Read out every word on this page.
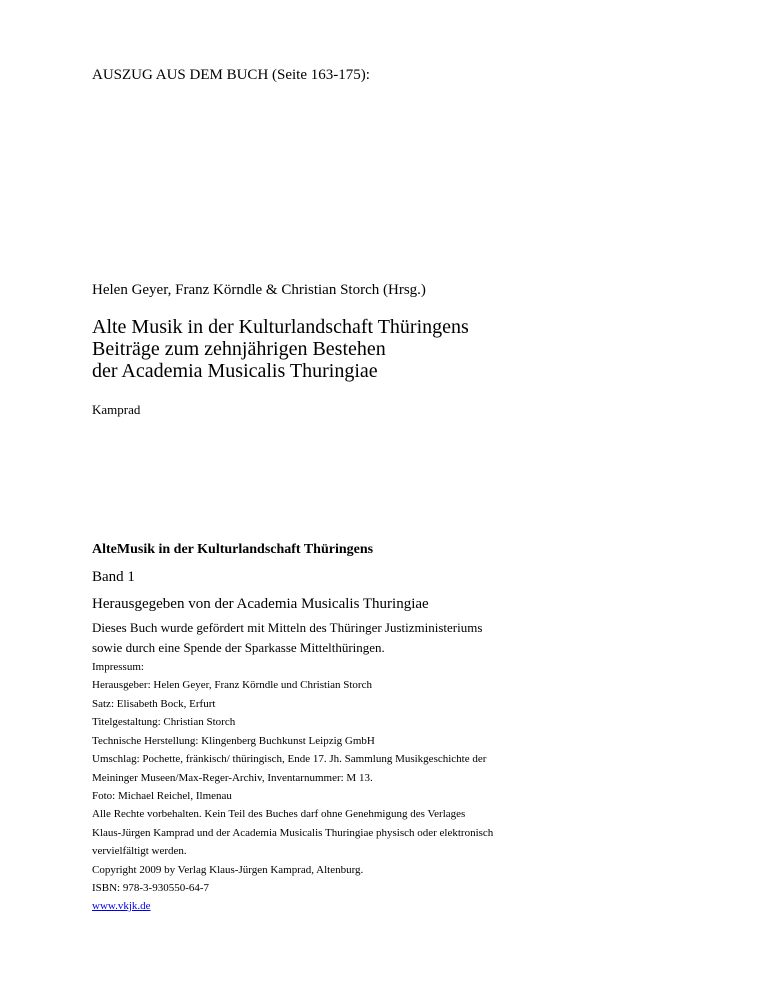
AUSZUG AUS DEM BUCH (Seite 163-175):
Helen Geyer, Franz Körndle & Christian Storch (Hrsg.)
Alte Musik in der Kulturlandschaft Thüringens
Beiträge zum zehnjährigen Bestehen
der Academia Musicalis Thuringiae
Kamprad
AlteMusik in der Kulturlandschaft Thüringens
Band 1
Herausgegeben von der Academia Musicalis Thuringiae
Dieses Buch wurde gefördert mit Mitteln des Thüringer Justizministeriums
sowie durch eine Spende der Sparkasse Mittelthüringen.
Impressum:
Herausgeber: Helen Geyer, Franz Körndle und Christian Storch
Satz: Elisabeth Bock, Erfurt
Titelgestaltung: Christian Storch
Technische Herstellung: Klingenberg Buchkunst Leipzig GmbH
Umschlag: Pochette, fränkisch/ thüringisch, Ende 17. Jh. Sammlung Musikgeschichte der
Meininger Museen/Max-Reger-Archiv, Inventarnummer: M 13.
Foto: Michael Reichel, Ilmenau
Alle Rechte vorbehalten. Kein Teil des Buches darf ohne Genehmigung des Verlages
Klaus-Jürgen Kamprad und der Academia Musicalis Thuringiae physisch oder elektronisch
vervielfältigt werden.
Copyright 2009 by Verlag Klaus-Jürgen Kamprad, Altenburg.
ISBN: 978-3-930550-64-7
www.vkjk.de
